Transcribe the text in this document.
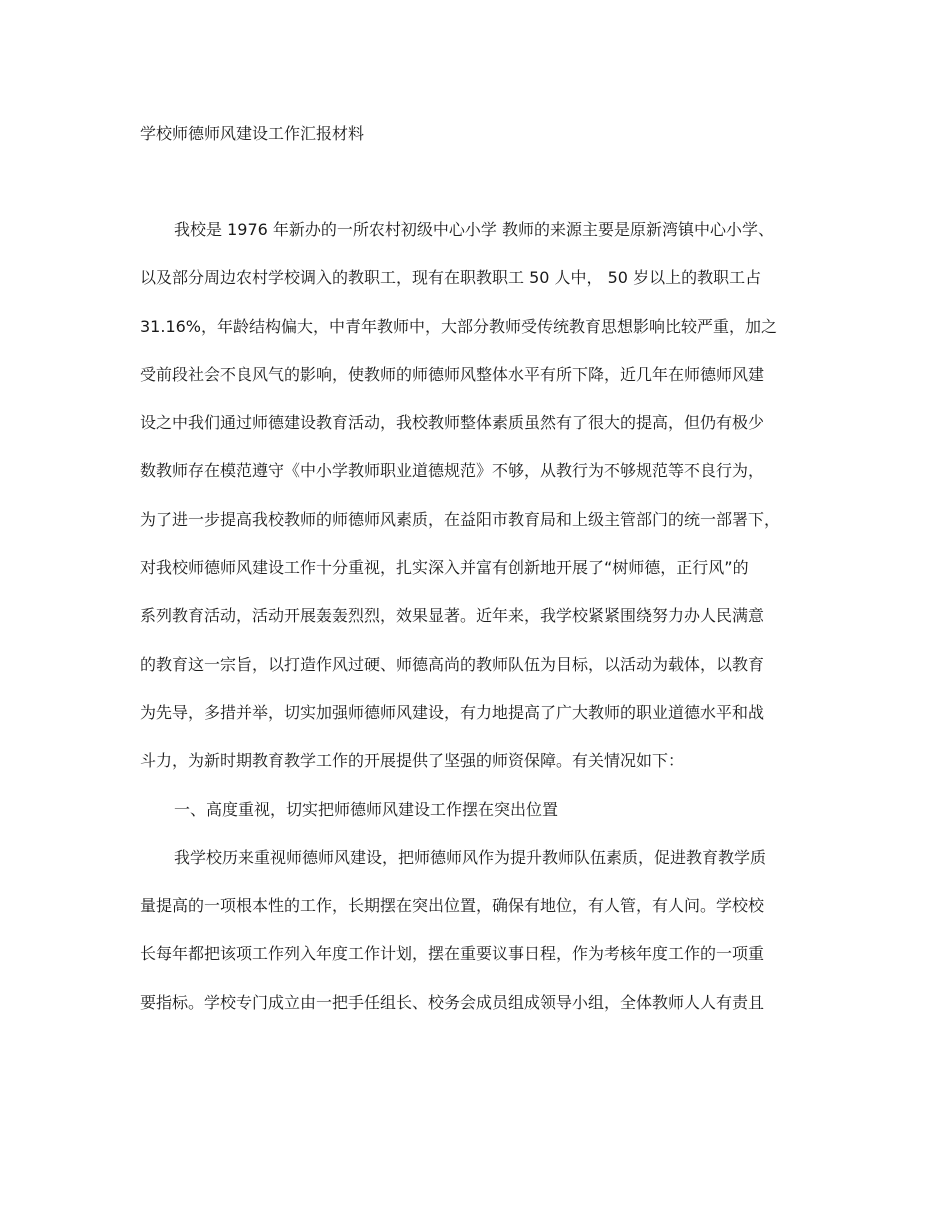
学校师德师风建设工作汇报材料
我校是 1976 年新办的一所农村初级中心小学 教师的来源主要是原新湾镇中心小学、
以及部分周边农村学校调入的教职工，现有在职教职工 50 人中， 50 岁以上的教职工占
31.16%，年龄结构偏大，中青年教师中，大部分教师受传统教育思想影响比较严重，加之
受前段社会不良风气的影响，使教师的师德师风整体水平有所下降，近几年在师德师风建
设之中我们通过师德建设教育活动，我校教师整体素质虽然有了很大的提高，但仍有极少
数教师存在模范遵守《中小学教师职业道德规范》不够，从教行为不够规范等不良行为，
为了进一步提高我校教师的师德师风素质，在益阳市教育局和上级主管部门的统一部署下，
对我校师德师风建设工作十分重视，扎实深入并富有创新地开展了“树师德，正行风”的
系列教育活动，活动开展轰轰烈烈，效果显著。近年来，我学校紧紧围绕努力办人民满意
的教育这一宗旨，以打造作风过硬、师德高尚的教师队伍为目标，以活动为载体，以教育
为先导，多措并举，切实加强师德师风建设，有力地提高了广大教师的职业道德水平和战
斗力，为新时期教育教学工作的开展提供了坚强的师资保障。有关情况如下：
一、高度重视，切实把师德师风建设工作摆在突出位置
我学校历来重视师德师风建设，把师德师风作为提升教师队伍素质，促进教育教学质
量提高的一项根本性的工作，长期摆在突出位置，确保有地位，有人管，有人问。学校校
长每年都把该项工作列入年度工作计划，摆在重要议事日程，作为考核年度工作的一项重
要指标。学校专门成立由一把手任组长、校务会成员组成领导小组，全体教师人人有责且
